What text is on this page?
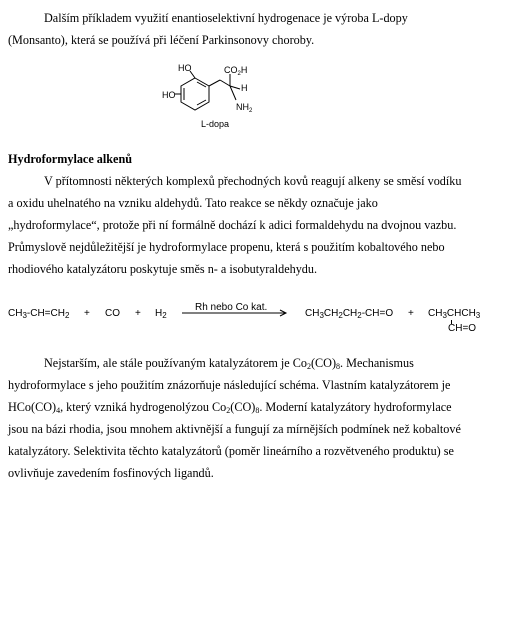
Dalším příkladem využití enantioselektivní hydrogenace je výroba L-dopy
(Monsanto), která se používá při léčení Parkinsonovy choroby.
HO
HO
$CO_2H$
H
$NH_2$
L-dopa
Hydroformylace alkenů
V přítomnosti některých komplexů přechodných kovů reagují alkeny se směsí vodíku
a oxidu uhelnatého na vzniku aldehydů. Tato reakce se někdy označuje jako
„hydroformylace“, protože při ní formálně dochází k adici formaldehydu na dvojnou vazbu.
Průmyslově nejdůležitější je hydroformylace propenu, která s použitím kobaltového nebo
rhodiového katalyzátoru poskytuje směs n- a isobutyraldehydu.
$CH_3-CH=CH_2$ + CO + $H_2$
Rh nebo Co kat.
$CH_3CH_2CH_2-CH=O$ + $CH_3CHCH_3$
CH=O
Nejstarším, ale stále používaným katalyzátorem je $Co_2(CO)_8$. Mechanismus
hydroformylace s jeho použitím znázorňuje následující schéma. Vlastním katalyzátorem je
$HCo(CO)_4$, který vzniká hydrogenolýzou $Co_2(CO)_8$. Moderní katalyzátory hydroformylace
jsou na bázi rhodia, jsou mnohem aktivnější a fungují za mírnějších podmínek než kobaltové
katalyzátory. Selektivita těchto katalyzátorů (poměr lineárního a rozvětveného produktu) se
ovlivňuje zavedením fosfinových ligandů.
